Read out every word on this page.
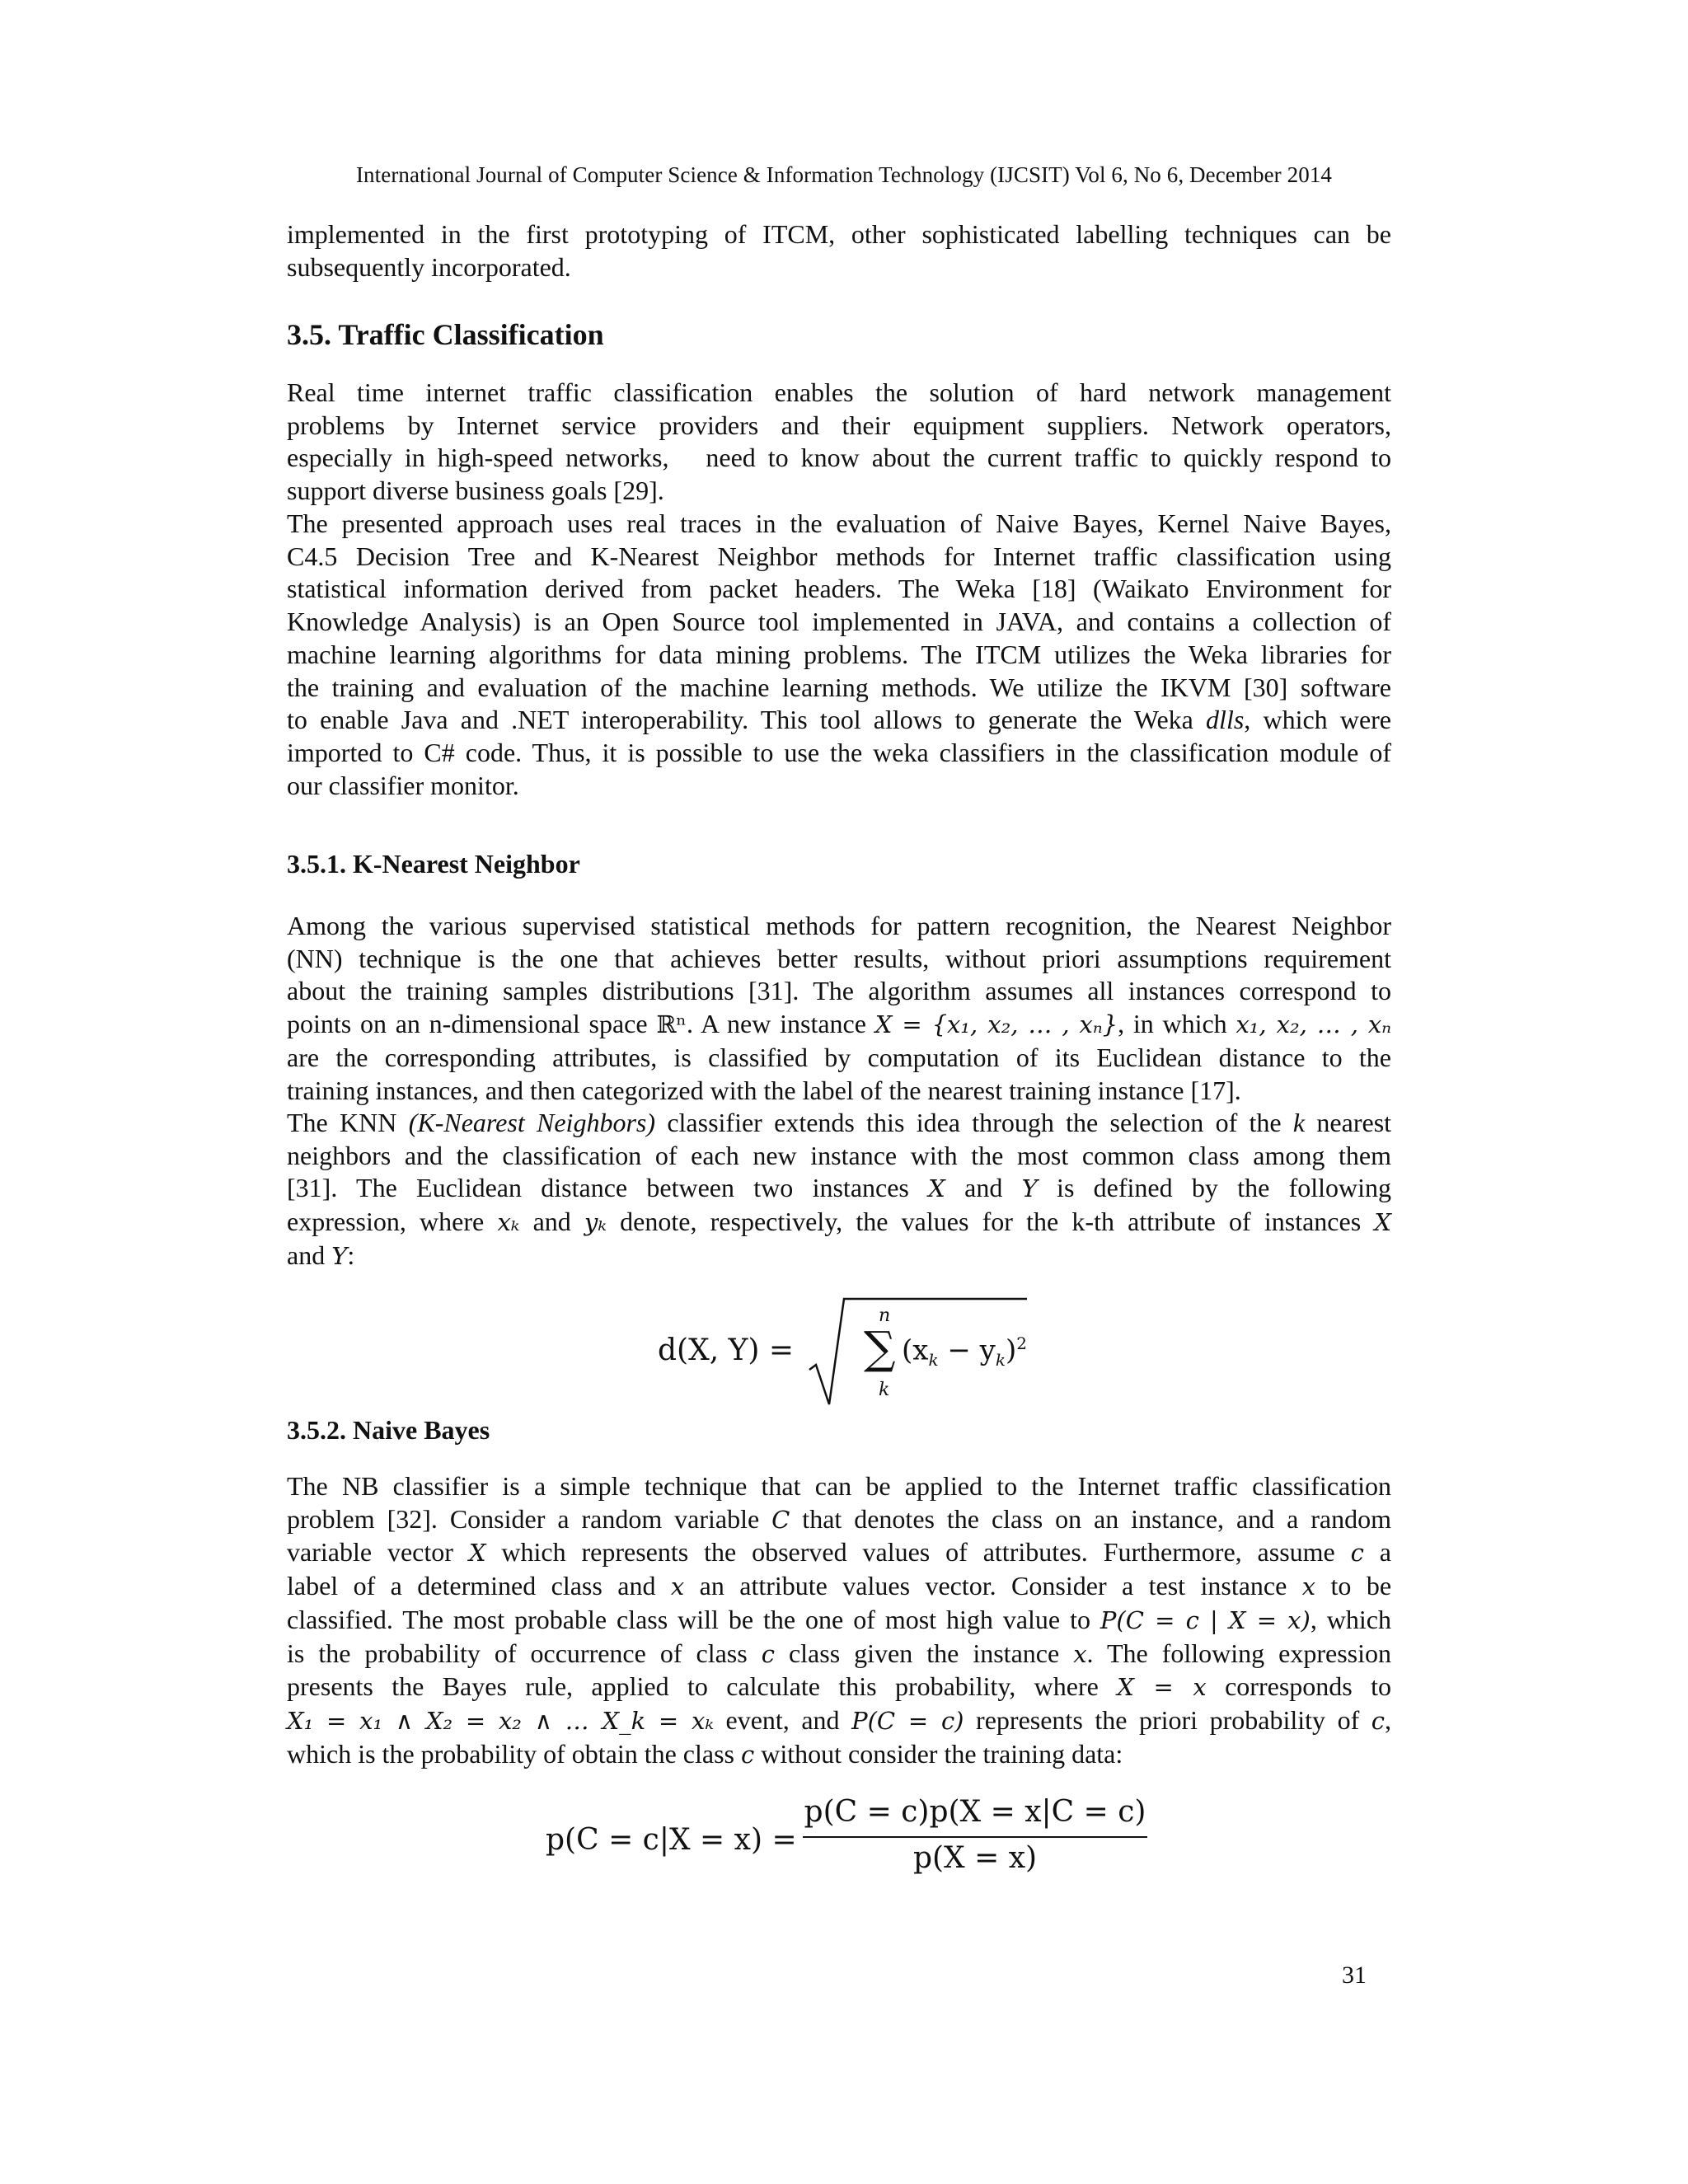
International Journal of Computer Science & Information Technology (IJCSIT) Vol 6, No 6, December 2014

implemented in the first prototyping of ITCM, other sophisticated labelling techniques can be

subsequently incorporated.

3.5. Traffic Classification

Real time internet traffic classification enables the solution of hard network management

problems by Internet service providers and their equipment suppliers. Network operators,

especially in high-speed networks,   need to know about the current traffic to quickly respond to

support diverse business goals [29].

The presented approach uses real traces in the evaluation of Naive Bayes, Kernel Naive Bayes,

C4.5 Decision Tree and K-Nearest Neighbor methods for Internet traffic classification using

statistical information derived from packet headers. The Weka [18] (Waikato Environment for

Knowledge Analysis) is an Open Source tool implemented in JAVA, and contains a collection of

machine learning algorithms for data mining problems. The ITCM utilizes the Weka libraries for

the training and evaluation of the machine learning methods. We utilize the IKVM [30] software

to enable Java and .NET interoperability. This tool allows to generate the Weka dlls, which were

imported to C# code. Thus, it is possible to use the weka classifiers in the classification module of

our classifier monitor.

3.5.1. K-Nearest Neighbor

Among the various supervised statistical methods for pattern recognition, the Nearest Neighbor

(NN) technique is the one that achieves better results, without priori assumptions requirement

about the training samples distributions [31]. The algorithm assumes all instances correspond to

points on an n-dimensional space ℝⁿ. A new instance X = {x₁, x₂, … , xₙ}, in which x₁, x₂, … , xₙ

are the corresponding attributes, is classified by computation of its Euclidean distance to the

training instances, and then categorized with the label of the nearest training instance [17].

The KNN (K-Nearest Neighbors) classifier extends this idea through the selection of the k nearest

neighbors and the classification of each new instance with the most common class among them

[31]. The Euclidean distance between two instances X and Y is defined by the following

expression, where xₖ and yₖ denote, respectively, the values for the k-th attribute of instances X

and Y:

d(X, Y) =
n
∑
k
$(x_k - y_k)^2$
3.5.2. Naive Bayes

The NB classifier is a simple technique that can be applied to the Internet traffic classification

problem [32]. Consider a random variable C that denotes the class on an instance, and a random

variable vector X which represents the observed values of attributes. Furthermore, assume c a

label of a determined class and x an attribute values vector. Consider a test instance x to be

classified. The most probable class will be the one of most high value to P(C = c | X = x), which

is the probability of occurrence of class c class given the instance x. The following expression

presents the Bayes rule, applied to calculate this probability, where X = x corresponds to

X₁ = x₁ ∧ X₂ = x₂ ∧ … X_k = xₖ event, and P(C = c) represents the priori probability of c,

which is the probability of obtain the class c without consider the training data:

p(C = c|X = x) =
p(C = c)p(X = x|C = c)
p(X = x)
31
